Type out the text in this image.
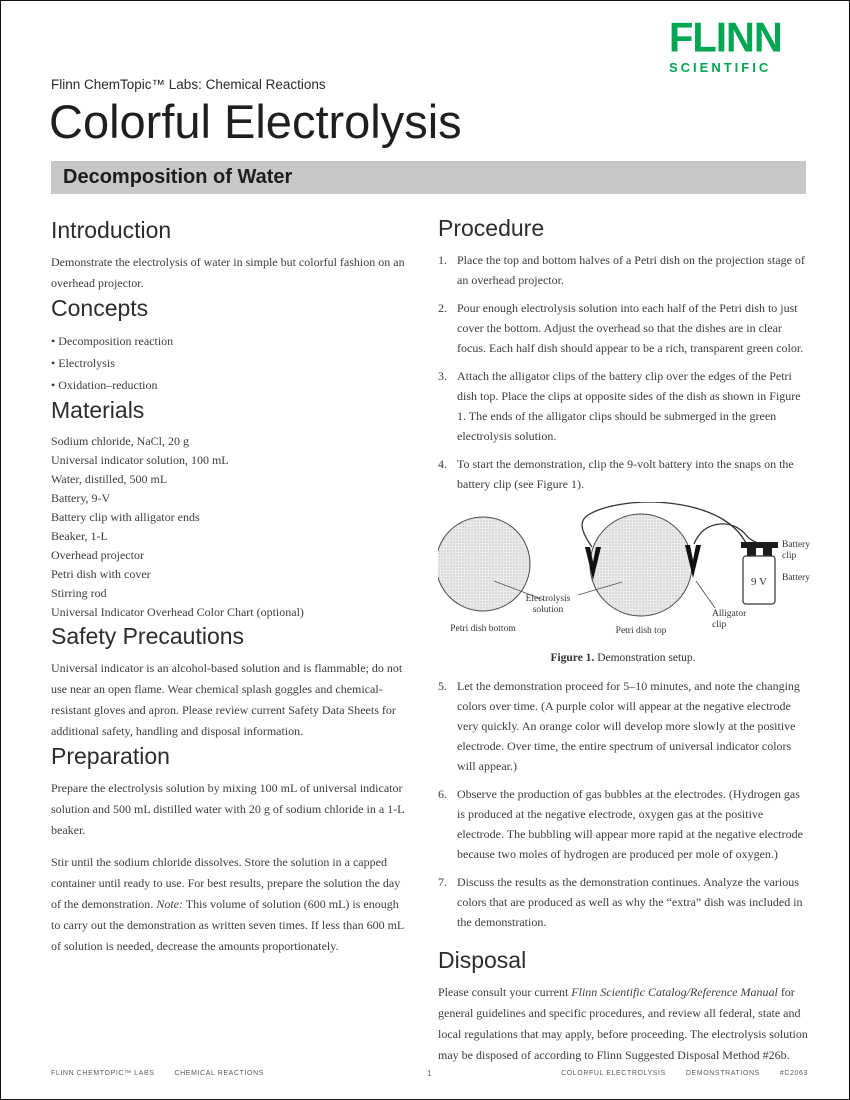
FLINN
SCIENTIFIC
Flinn ChemTopic™ Labs: Chemical Reactions
Colorful Electrolysis
Decomposition of Water
Introduction

Demonstrate the electrolysis of water in simple but colorful fashion on an overhead projector.

Concepts
• Decomposition reaction
• Electrolysis
• Oxidation–reduction
Materials
Sodium chloride, NaCl, 20 g
Universal indicator solution, 100 mL
Water, distilled, 500 mL
Battery, 9-V
Battery clip with alligator ends
Beaker, 1-L
Overhead projector
Petri dish with cover
Stirring rod
Universal Indicator Overhead Color Chart (optional)
Safety Precautions

Universal indicator is an alcohol-based solution and is flammable; do not use near an open flame. Wear chemical splash goggles and chemical-resistant gloves and apron. Please review current Safety Data Sheets for additional safety, handling and disposal information.

Preparation

Prepare the electrolysis solution by mixing 100 mL of universal indicator solution and 500 mL distilled water with 20 g of sodium chloride in a 1-L beaker.

Stir until the sodium chloride dissolves. Store the solution in a capped container until ready to use. For best results, prepare the solution the day of the demonstration. Note: This volume of solution (600 mL) is enough to carry out the demonstration as written seven times. If less than 600 mL of solution is needed, decrease the amounts proportionately.

Procedure
1. Place the top and bottom halves of a Petri dish on the projection stage of an overhead projector.
2. Pour enough electrolysis solution into each half of the Petri dish to just cover the bottom. Adjust the overhead so that the dishes are in clear focus. Each half dish should appear to be a rich, transparent green color.
3. Attach the alligator clips of the battery clip over the edges of the Petri dish top. Place the clips at opposite sides of the dish as shown in Figure 1. The ends of the alligator clips should be submerged in the green electrolysis solution.
4. To start the demonstration, clip the 9-volt battery into the snaps on the battery clip (see Figure 1).
9 V
Electrolysis
solution
Petri dish bottom	Petri dish top
Alligator
clip
Battery clip
Battery
Figure 1. Demonstration setup.
5. Let the demonstration proceed for 5–10 minutes, and note the changing colors over time. (A purple color will appear at the negative electrode very quickly. An orange color will develop more slowly at the positive electrode. Over time, the entire spectrum of universal indicator colors will appear.)
6. Observe the production of gas bubbles at the electrodes. (Hydrogen gas is produced at the negative electrode, oxygen gas at the positive electrode. The bubbling will appear more rapid at the negative electrode because two moles of hydrogen are produced per mole of oxygen.)
7. Discuss the results as the demonstration continues. Analyze the various colors that are produced as well as why the “extra” dish was included in the demonstration.
Disposal

Please consult your current Flinn Scientific Catalog/Reference Manual for general guidelines and specific procedures, and review all federal, state and local regulations that may apply, before proceeding. The electrolysis solution may be disposed of according to Flinn Suggested Disposal Method #26b.

FLINN CHEMTOPIC™ LABS	CHEMICAL REACTIONS	1	COLORFUL ELECTROLYSIS	DEMONSTRATIONS	#C2063
